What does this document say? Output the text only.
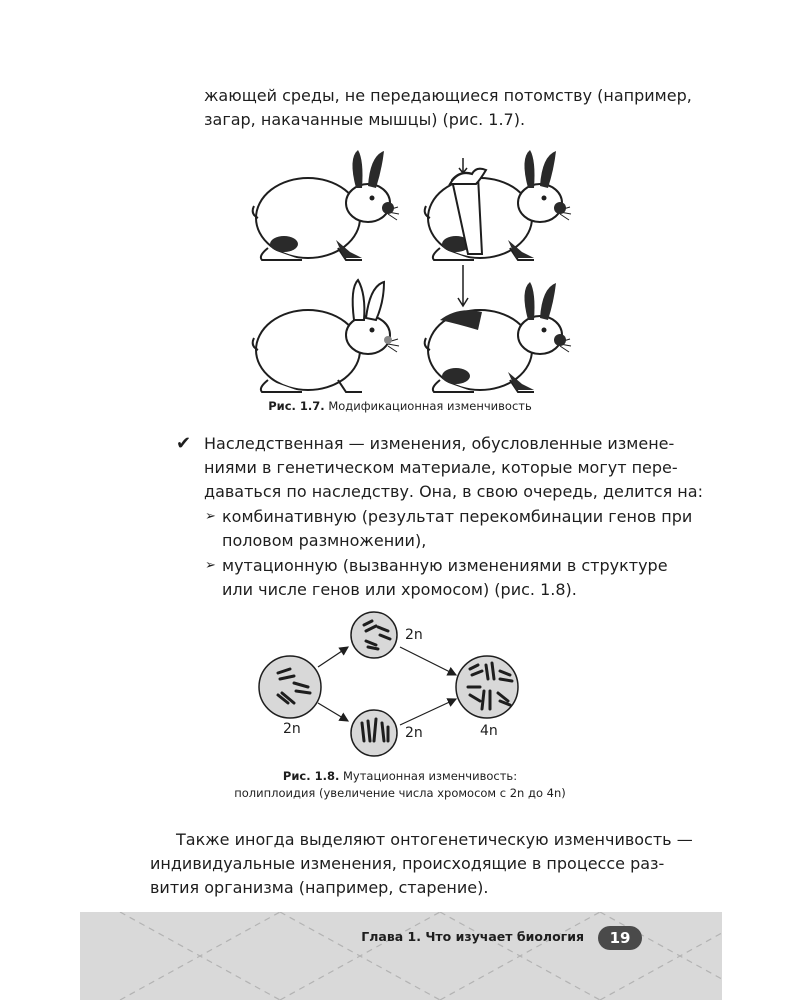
жающей среды, не передающиеся потомству (например,
загар, накачанные мышцы) (рис. 1.7).
Рис. 1.7. Модификационная изменчивость
✔ Наследственная — изменения, обусловленные измене-
ниями в генетическом материале, которые могут пере-
даваться по наследству. Она, в свою очередь, делится на:
➢ комбинативную (результат перекомбинации генов при
половом размножении),
➢ мутационную (вызванную изменениями в структуре
или числе генов или хромосом) (рис. 1.8).
2n
2n
2n	4n
Рис. 1.8. Мутационная изменчивость:
полиплоидия (увеличение числа хромосом с 2n до 4n)
Также иногда выделяют онтогенетическую изменчивость —
индивидуальные изменения, происходящие в процессе раз-
вития организма (например, старение).
Глава 1. Что изучает биология	19
